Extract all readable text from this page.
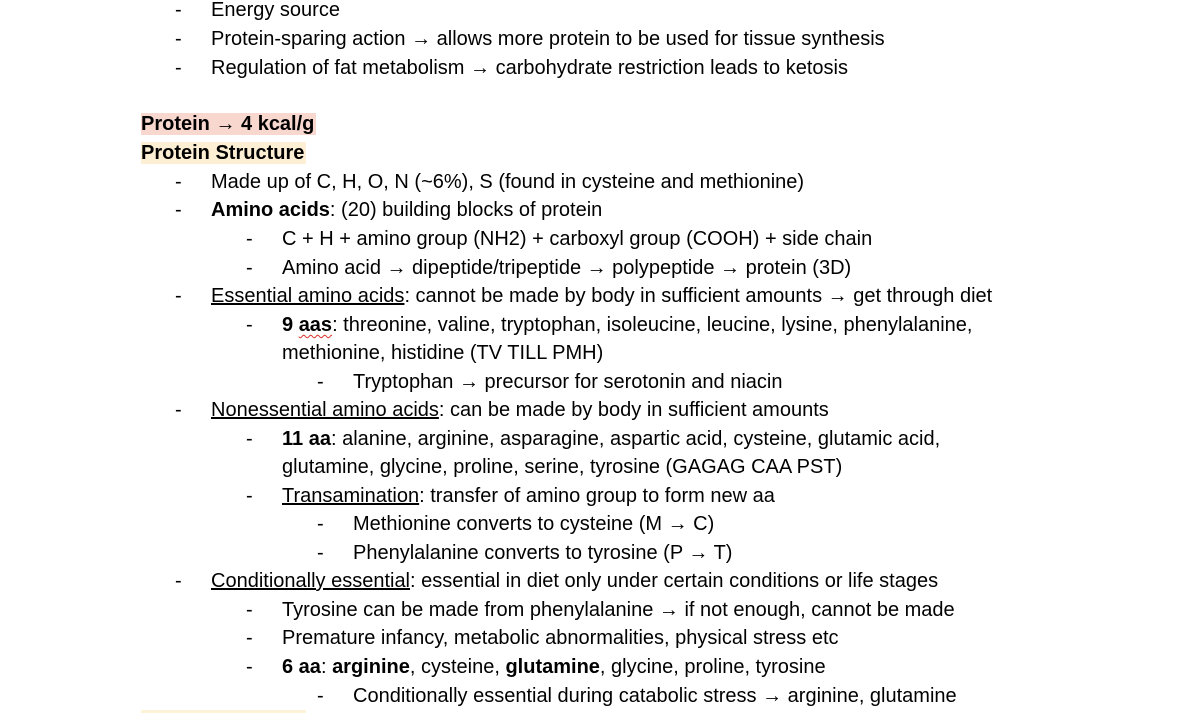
- Energy source
- Protein-sparing action → allows more protein to be used for tissue synthesis
- Regulation of fat metabolism → carbohydrate restriction leads to ketosis
Protein → 4 kcal/g
Protein Structure
- Made up of C, H, O, N (~6%), S (found in cysteine and methionine)
- Amino acids: (20) building blocks of protein
- C + H + amino group (NH2) + carboxyl group (COOH) + side chain
- Amino acid → dipeptide/tripeptide → polypeptide → protein (3D)
- Essential amino acids: cannot be made by body in sufficient amounts → get through diet
- 9 aas: threonine, valine, tryptophan, isoleucine, leucine, lysine, phenylalanine,
methionine, histidine (TV TILL PMH)
- Tryptophan → precursor for serotonin and niacin
- Nonessential amino acids: can be made by body in sufficient amounts
- 11 aa: alanine, arginine, asparagine, aspartic acid, cysteine, glutamic acid,
glutamine, glycine, proline, serine, tyrosine (GAGAG CAA PST)
- Transamination: transfer of amino group to form new aa
- Methionine converts to cysteine (M → C)
- Phenylalanine converts to tyrosine (P → T)
- Conditionally essential: essential in diet only under certain conditions or life stages
- Tyrosine can be made from phenylalanine → if not enough, cannot be made
- Premature infancy, metabolic abnormalities, physical stress etc
- 6 aa: arginine, cysteine, glutamine, glycine, proline, tyrosine
- Conditionally essential during catabolic stress → arginine, glutamine
